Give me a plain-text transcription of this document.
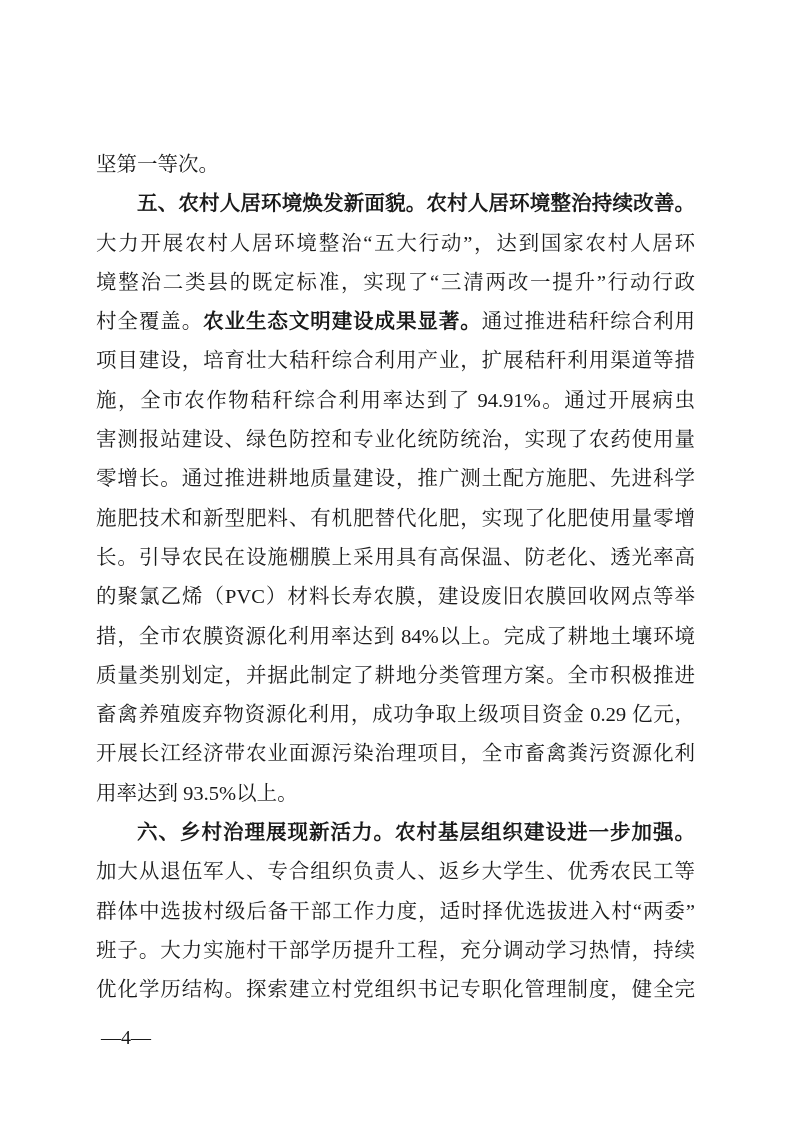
坚第一等次。
五、农村人居环境焕发新面貌。农村人居环境整治持续改善。
大力开展农村人居环境整治“五大行动”，达到国家农村人居环
境整治二类县的既定标准，实现了“三清两改一提升”行动行政
村全覆盖。农业生态文明建设成果显著。通过推进秸秆综合利用
项目建设，培育壮大秸秆综合利用产业，扩展秸秆利用渠道等措
施，全市农作物秸秆综合利用率达到了 94.91%。通过开展病虫
害测报站建设、绿色防控和专业化统防统治，实现了农药使用量
零增长。通过推进耕地质量建设，推广测土配方施肥、先进科学
施肥技术和新型肥料、有机肥替代化肥，实现了化肥使用量零增
长。引导农民在设施棚膜上采用具有高保温、防老化、透光率高
的聚氯乙烯（PVC）材料长寿农膜，建设废旧农膜回收网点等举
措，全市农膜资源化利用率达到 84%以上。完成了耕地土壤环境
质量类别划定，并据此制定了耕地分类管理方案。全市积极推进
畜禽养殖废弃物资源化利用，成功争取上级项目资金 0.29 亿元，
开展长江经济带农业面源污染治理项目，全市畜禽粪污资源化利
用率达到 93.5%以上。
六、乡村治理展现新活力。农村基层组织建设进一步加强。
加大从退伍军人、专合组织负责人、返乡大学生、优秀农民工等
群体中选拔村级后备干部工作力度，适时择优选拔进入村“两委”
班子。大力实施村干部学历提升工程，充分调动学习热情，持续
优化学历结构。探索建立村党组织书记专职化管理制度，健全完
—4—
